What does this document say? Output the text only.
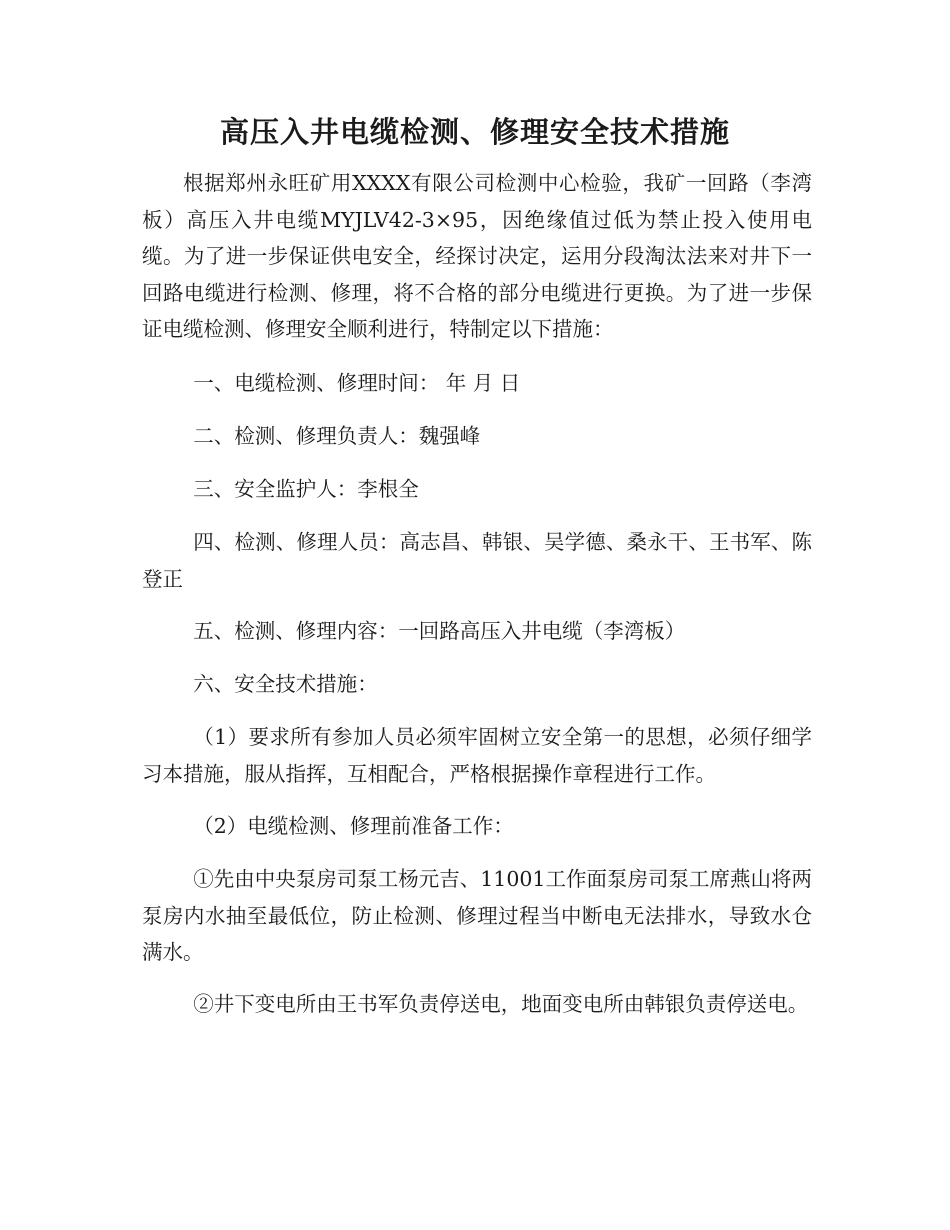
高压入井电缆检测、修理安全技术措施

根据郑州永旺矿用XXXX有限公司检测中心检验，我矿一回路（李湾板）高压入井电缆MYJLV42-3×95，因绝缘值过低为禁止投入使用电缆。为了进一步保证供电安全，经探讨决定，运用分段淘汰法来对井下一回路电缆进行检测、修理，将不合格的部分电缆进行更换。为了进一步保证电缆检测、修理安全顺利进行，特制定以下措施：

一、电缆检测、修理时间： 年 月 日

二、检测、修理负责人：魏强峰

三、安全监护人：李根全

四、检测、修理人员：高志昌、韩银、吴学德、桑永干、王书军、陈登正

五、检测、修理内容：一回路高压入井电缆（李湾板）

六、安全技术措施：

（1）要求所有参加人员必须牢固树立安全第一的思想，必须仔细学习本措施，服从指挥，互相配合，严格根据操作章程进行工作。

（2）电缆检测、修理前准备工作：

①先由中央泵房司泵工杨元吉、11001工作面泵房司泵工席燕山将两泵房内水抽至最低位，防止检测、修理过程当中断电无法排水，导致水仓满水。

②井下变电所由王书军负责停送电，地面变电所由韩银负责停送电。
